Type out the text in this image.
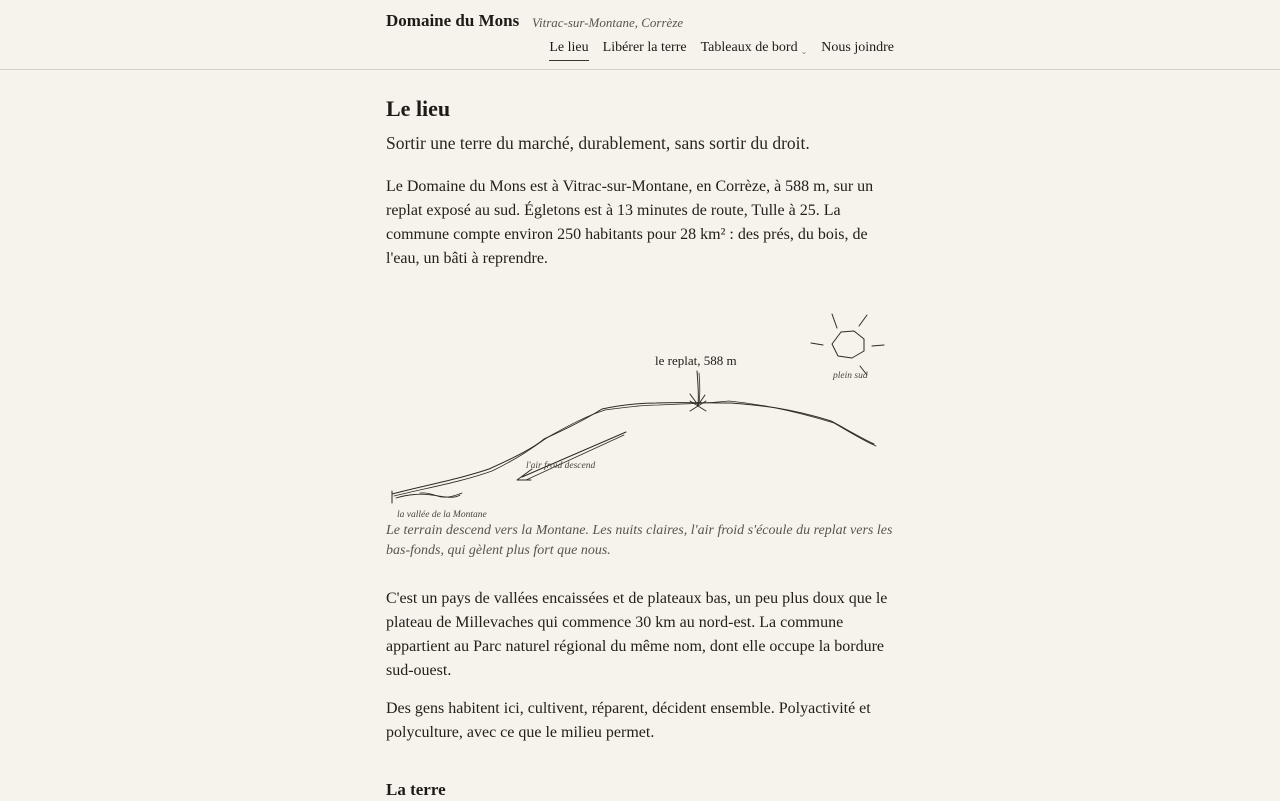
Domaine du Mons Vitrac-sur-Montane, Corrèze
Le lieu Libérer la terre Tableaux de bord $_⌄$ Nous joindre
Le lieu

Sortir une terre du marché, durablement, sans sortir du droit.

Le Domaine du Mons est à Vitrac-sur-Montane, en Corrèze, à 588 m, sur un replat exposé au sud. Égletons est à 13 minutes de route, Tulle à 25. La commune compte environ 250 habitants pour 28 km² : des prés, du bois, de l'eau, un bâti à reprendre.

le replat, 588 m
plein sud
l'air froid descend
la vallée de la Montane

Le terrain descend vers la Montane. Les nuits claires, l'air froid s'écoule du replat vers les bas-fonds, qui gèlent plus fort que nous.

C'est un pays de vallées encaissées et de plateaux bas, un peu plus doux que le plateau de Millevaches qui commence 30 km au nord-est. La commune appartient au Parc naturel régional du même nom, dont elle occupe la bordure sud-ouest.

Des gens habitent ici, cultivent, réparent, décident ensemble. Polyactivité et polyculture, avec ce que le milieu permet.

La terre
